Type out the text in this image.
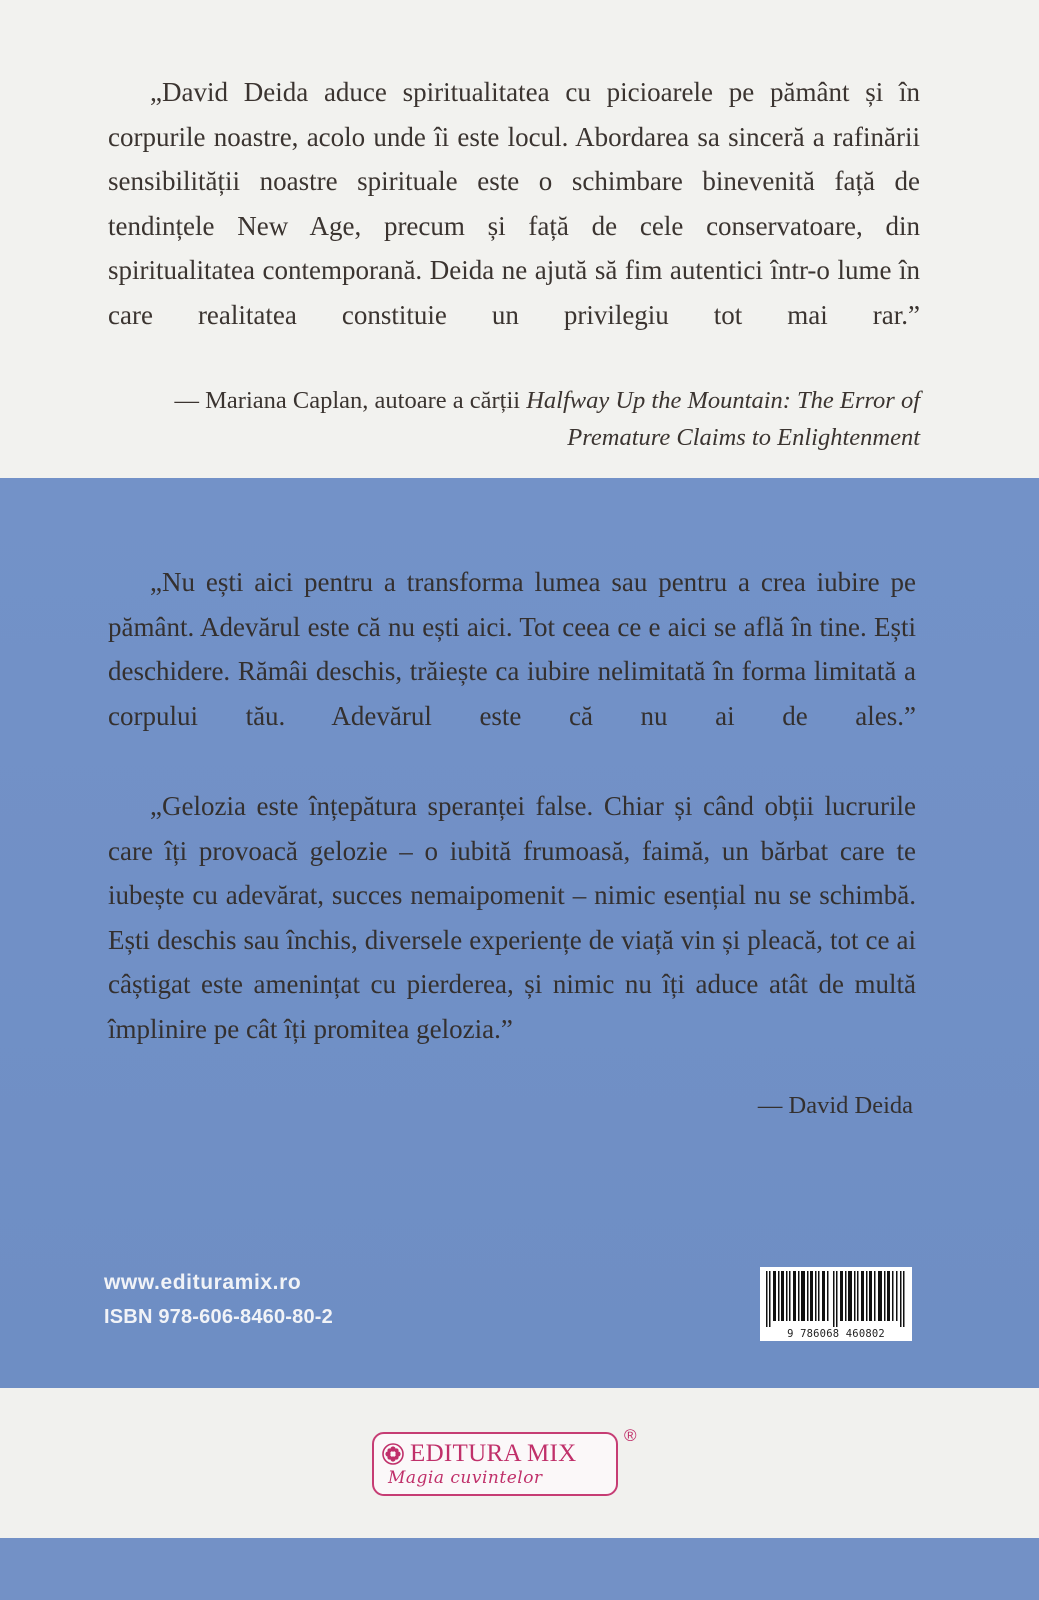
„David Deida aduce spiritualitatea cu picioarele pe pământ și în corpurile noastre, acolo unde îi este locul. Abordarea sa sinceră a rafinării sensibilității noastre spirituale este o schimbare binevenită față de tendințele New Age, precum și față de cele conservatoare, din spiritualitatea contemporană. Deida ne ajută să fim autentici într-o lume în care realitatea constituie un privilegiu tot mai rar.”

— Mariana Caplan, autoare a cărții Halfway Up the Mountain: The Error of Premature Claims to Enlightenment

„Nu ești aici pentru a transforma lumea sau pentru a crea iubire pe pământ. Adevărul este că nu ești aici. Tot ceea ce e aici se află în tine. Ești deschidere. Rămâi deschis, trăiește ca iubire nelimitată în forma limitată a corpului tău. Adevărul este că nu ai de ales.”

„Gelozia este înțepătura speranței false. Chiar și când obții lucrurile care îți provoacă gelozie – o iubită frumoasă, faimă, un bărbat care te iubește cu adevărat, succes nemaipomenit – nimic esențial nu se schimbă. Ești deschis sau închis, diversele experiențe de viață vin și pleacă, tot ce ai câștigat este amenințat cu pierderea, și nimic nu îți aduce atât de multă împlinire pe cât îți promitea gelozia.”

— David Deida
www.edituramix.ro
ISBN 978-606-8460-80-2
9 786068 460802
EDITURA MIX
Magia cuvintelor
®
